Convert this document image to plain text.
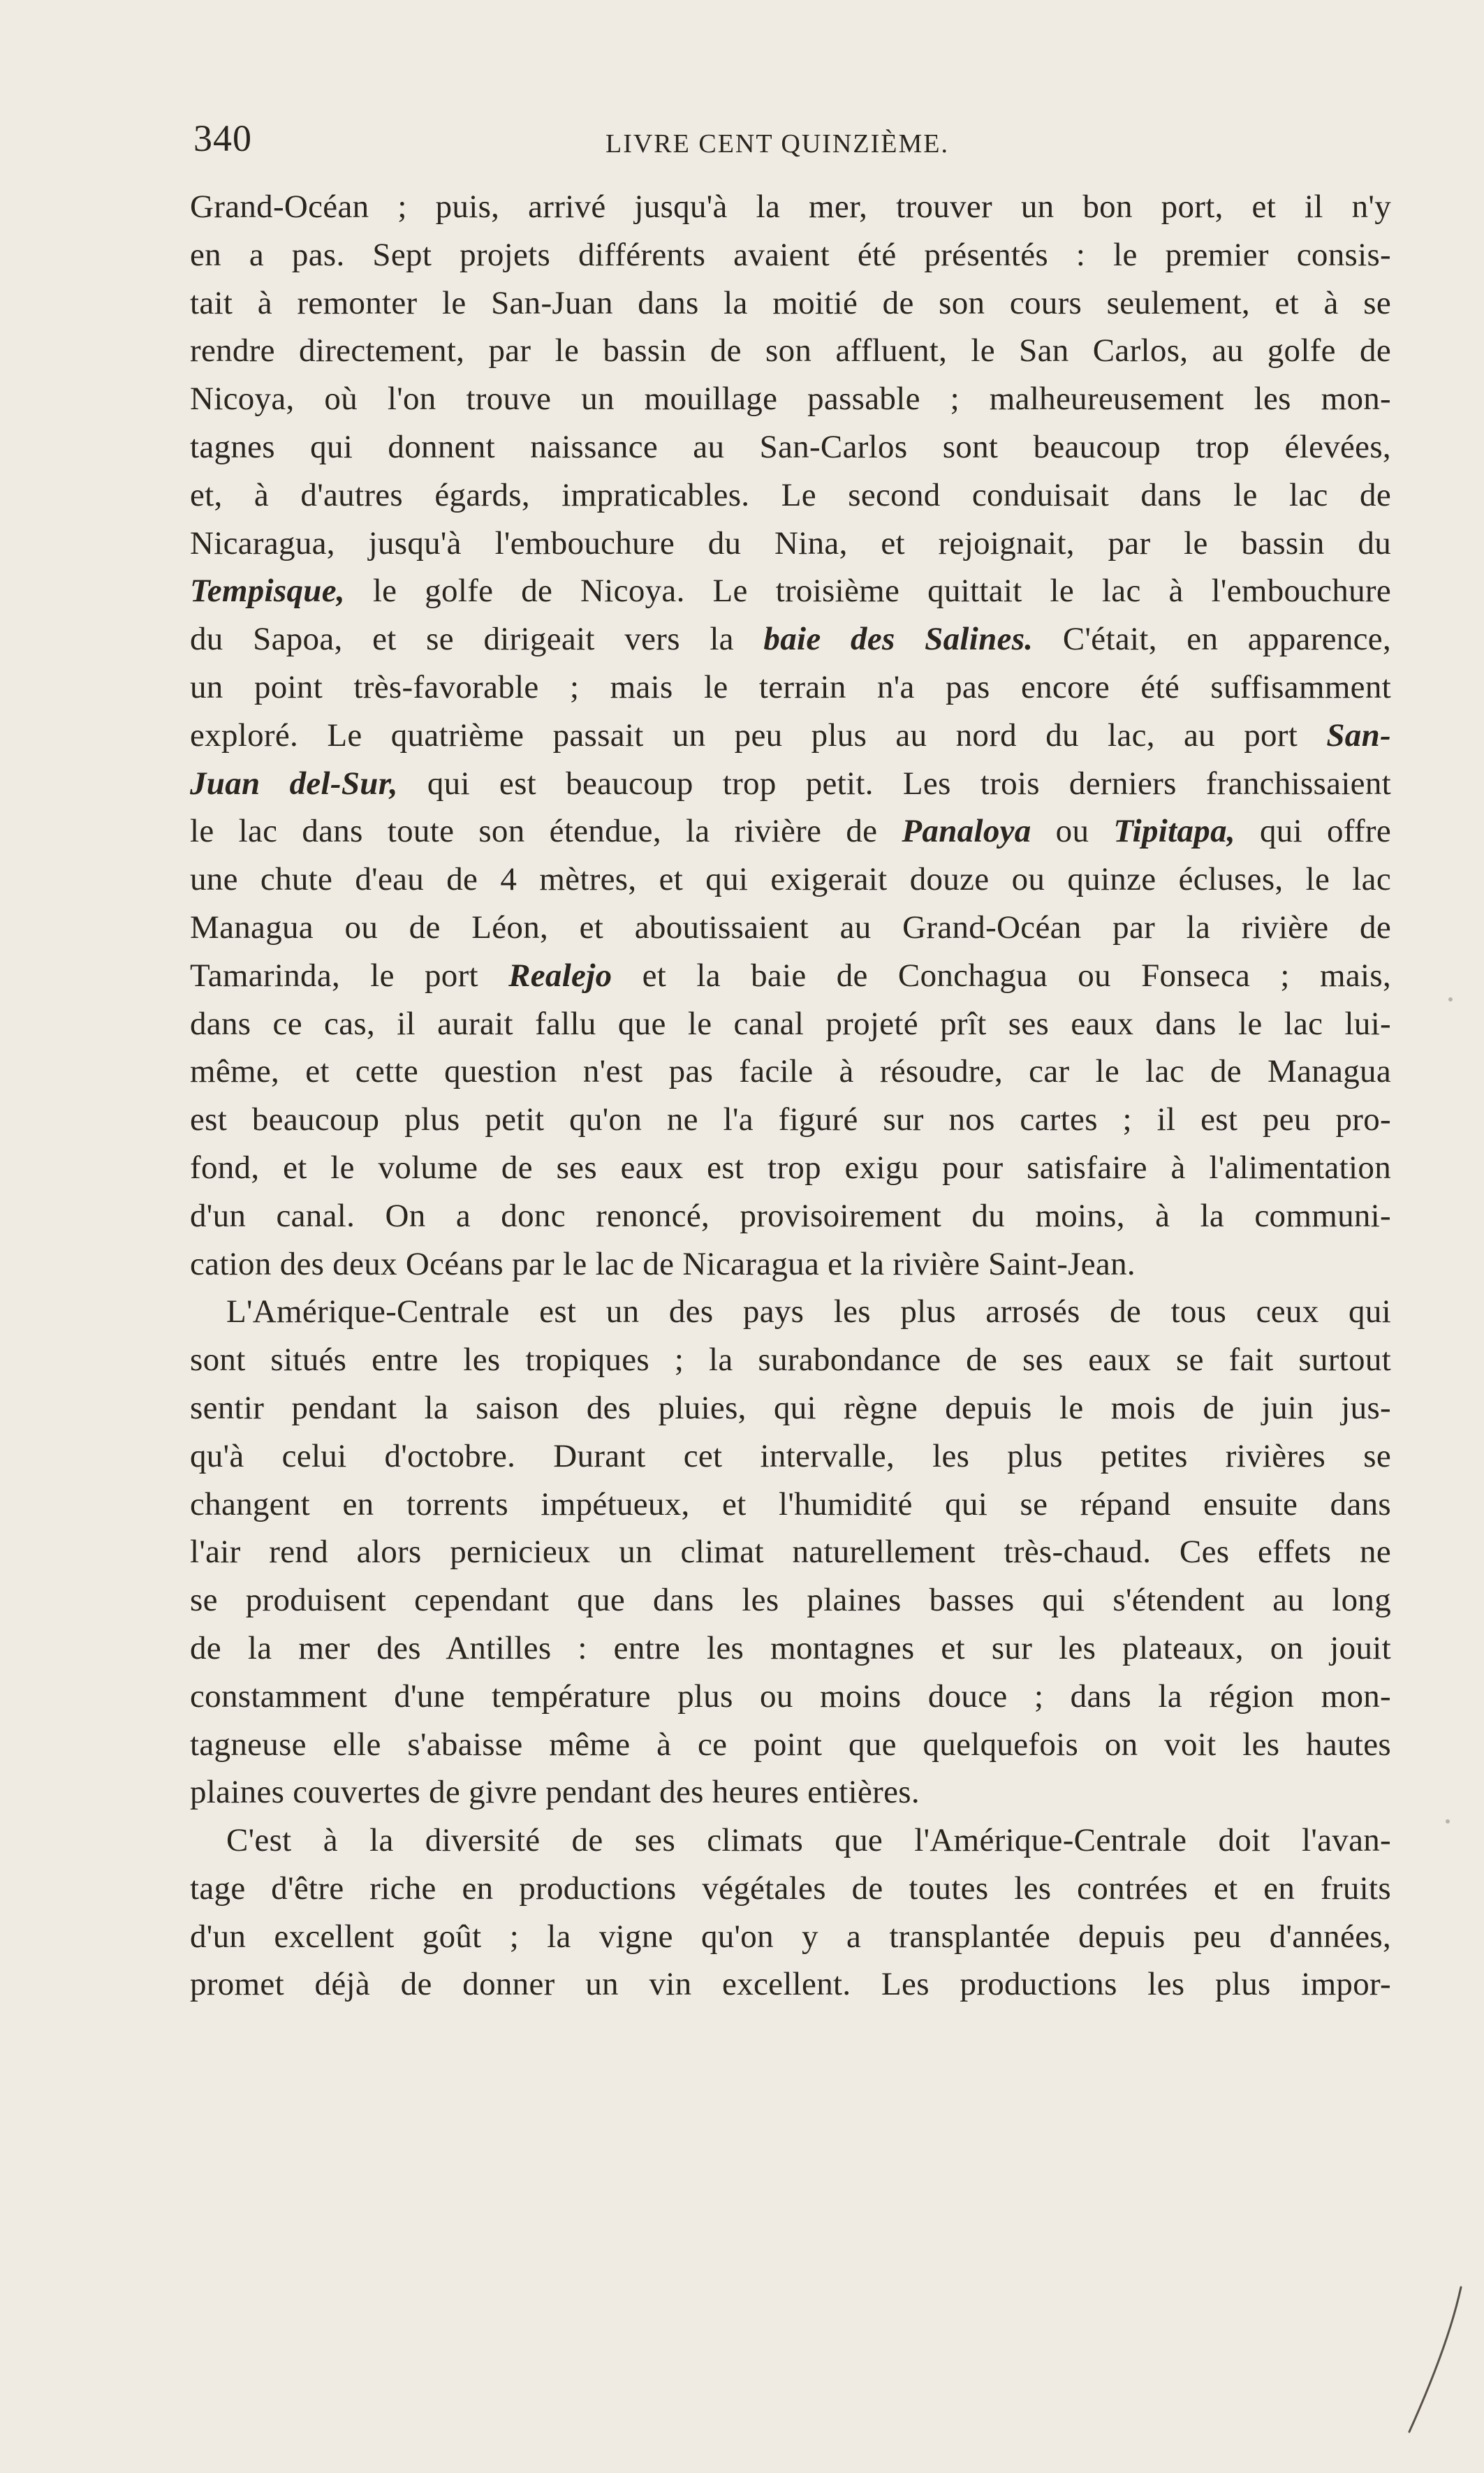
340	LIVRE CENT QUINZIÈME.
Grand-Océan ; puis, arrivé jusqu'à la mer, trouver un bon port, et il n'y
en a pas. Sept projets différents avaient été présentés : le premier consis-
tait à remonter le San-Juan dans la moitié de son cours seulement, et à se
rendre directement, par le bassin de son affluent, le San Carlos, au golfe de
Nicoya, où l'on trouve un mouillage passable ; malheureusement les mon-
tagnes qui donnent naissance au San-Carlos sont beaucoup trop élevées,
et, à d'autres égards, impraticables. Le second conduisait dans le lac de
Nicaragua, jusqu'à l'embouchure du Nina, et rejoignait, par le bassin du
Tempisque, le golfe de Nicoya. Le troisième quittait le lac à l'embouchure
du Sapoa, et se dirigeait vers la baie des Salines. C'était, en apparence,
un point très-favorable ; mais le terrain n'a pas encore été suffisamment
exploré. Le quatrième passait un peu plus au nord du lac, au port San-
Juan del-Sur, qui est beaucoup trop petit. Les trois derniers franchissaient
le lac dans toute son étendue, la rivière de Panaloya ou Tipitapa, qui offre
une chute d'eau de 4 mètres, et qui exigerait douze ou quinze écluses, le lac
Managua ou de Léon, et aboutissaient au Grand-Océan par la rivière de
Tamarinda, le port Realejo et la baie de Conchagua ou Fonseca ; mais,
dans ce cas, il aurait fallu que le canal projeté prît ses eaux dans le lac lui-
même, et cette question n'est pas facile à résoudre, car le lac de Managua
est beaucoup plus petit qu'on ne l'a figuré sur nos cartes ; il est peu pro-
fond, et le volume de ses eaux est trop exigu pour satisfaire à l'alimentation
d'un canal. On a donc renoncé, provisoirement du moins, à la communi-
cation des deux Océans par le lac de Nicaragua et la rivière Saint-Jean.
L'Amérique-Centrale est un des pays les plus arrosés de tous ceux qui
sont situés entre les tropiques ; la surabondance de ses eaux se fait surtout
sentir pendant la saison des pluies, qui règne depuis le mois de juin jus-
qu'à celui d'octobre. Durant cet intervalle, les plus petites rivières se
changent en torrents impétueux, et l'humidité qui se répand ensuite dans
l'air rend alors pernicieux un climat naturellement très-chaud. Ces effets ne
se produisent cependant que dans les plaines basses qui s'étendent au long
de la mer des Antilles : entre les montagnes et sur les plateaux, on jouit
constamment d'une température plus ou moins douce ; dans la région mon-
tagneuse elle s'abaisse même à ce point que quelquefois on voit les hautes
plaines couvertes de givre pendant des heures entières.
C'est à la diversité de ses climats que l'Amérique-Centrale doit l'avan-
tage d'être riche en productions végétales de toutes les contrées et en fruits
d'un excellent goût ; la vigne qu'on y a transplantée depuis peu d'années,
promet déjà de donner un vin excellent. Les productions les plus impor-
